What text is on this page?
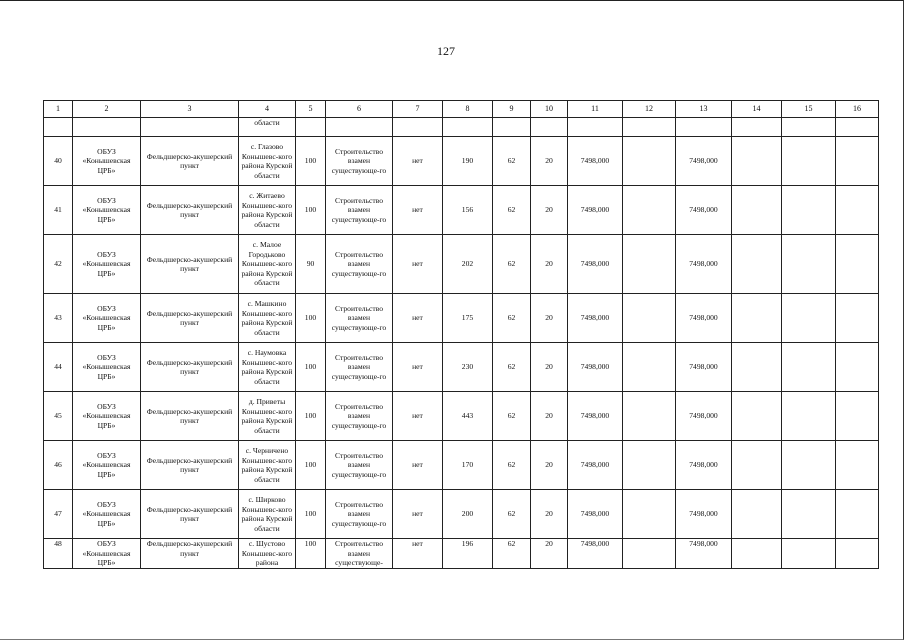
127
1	2	3	4	5	6	7	8	9	10	11	12	13	14	15	16
			области												
40	ОБУЗ «Конышевская ЦРБ»	Фельдшерско-акушерский пункт	с. Глазово Конышевс-кого района Курской области	100	Строительство взамен существующе-го	нет	190	62	20	7498,000		7498,000			
41	ОБУЗ «Конышевская ЦРБ»	Фельдшерско-акушерский пункт	с. Житаево Конышевс-кого района Курской области	100	Строительство взамен существующе-го	нет	156	62	20	7498,000		7498,000			
42	ОБУЗ «Конышевская ЦРБ»	Фельдшерско-акушерский пункт	с. Малое Городьково Конышевс-кого района Курской области	90	Строительство взамен существующе-го	нет	202	62	20	7498,000		7498,000			
43	ОБУЗ «Конышевская ЦРБ»	Фельдшерско-акушерский пункт	с. Машкино Конышевс-кого района Курской области	100	Строительство взамен существующе-го	нет	175	62	20	7498,000		7498,000			
44	ОБУЗ «Конышевская ЦРБ»	Фельдшерско-акушерский пункт	с. Наумовка Конышевс-кого района Курской области	100	Строительство взамен существующе-го	нет	230	62	20	7498,000		7498,000			
45	ОБУЗ «Конышевская ЦРБ»	Фельдшерско-акушерский пункт	д. Приветы Конышевс-кого района Курской области	100	Строительство взамен существующе-го	нет	443	62	20	7498,000		7498,000			
46	ОБУЗ «Конышевская ЦРБ»	Фельдшерско-акушерский пункт	с. Черничено Конышевс-кого района Курской области	100	Строительство взамен существующе-го	нет	170	62	20	7498,000		7498,000			
47	ОБУЗ «Конышевская ЦРБ»	Фельдшерско-акушерский пункт	с. Ширково Конышевс-кого района Курской области	100	Строительство взамен существующе-го	нет	200	62	20	7498,000		7498,000			
48	ОБУЗ «Конышевская ЦРБ»	Фельдшерско-акушерский пункт	с. Шустово Конышевс-кого района	100	Строительство взамен существующе-	нет	196	62	20	7498,000		7498,000			
